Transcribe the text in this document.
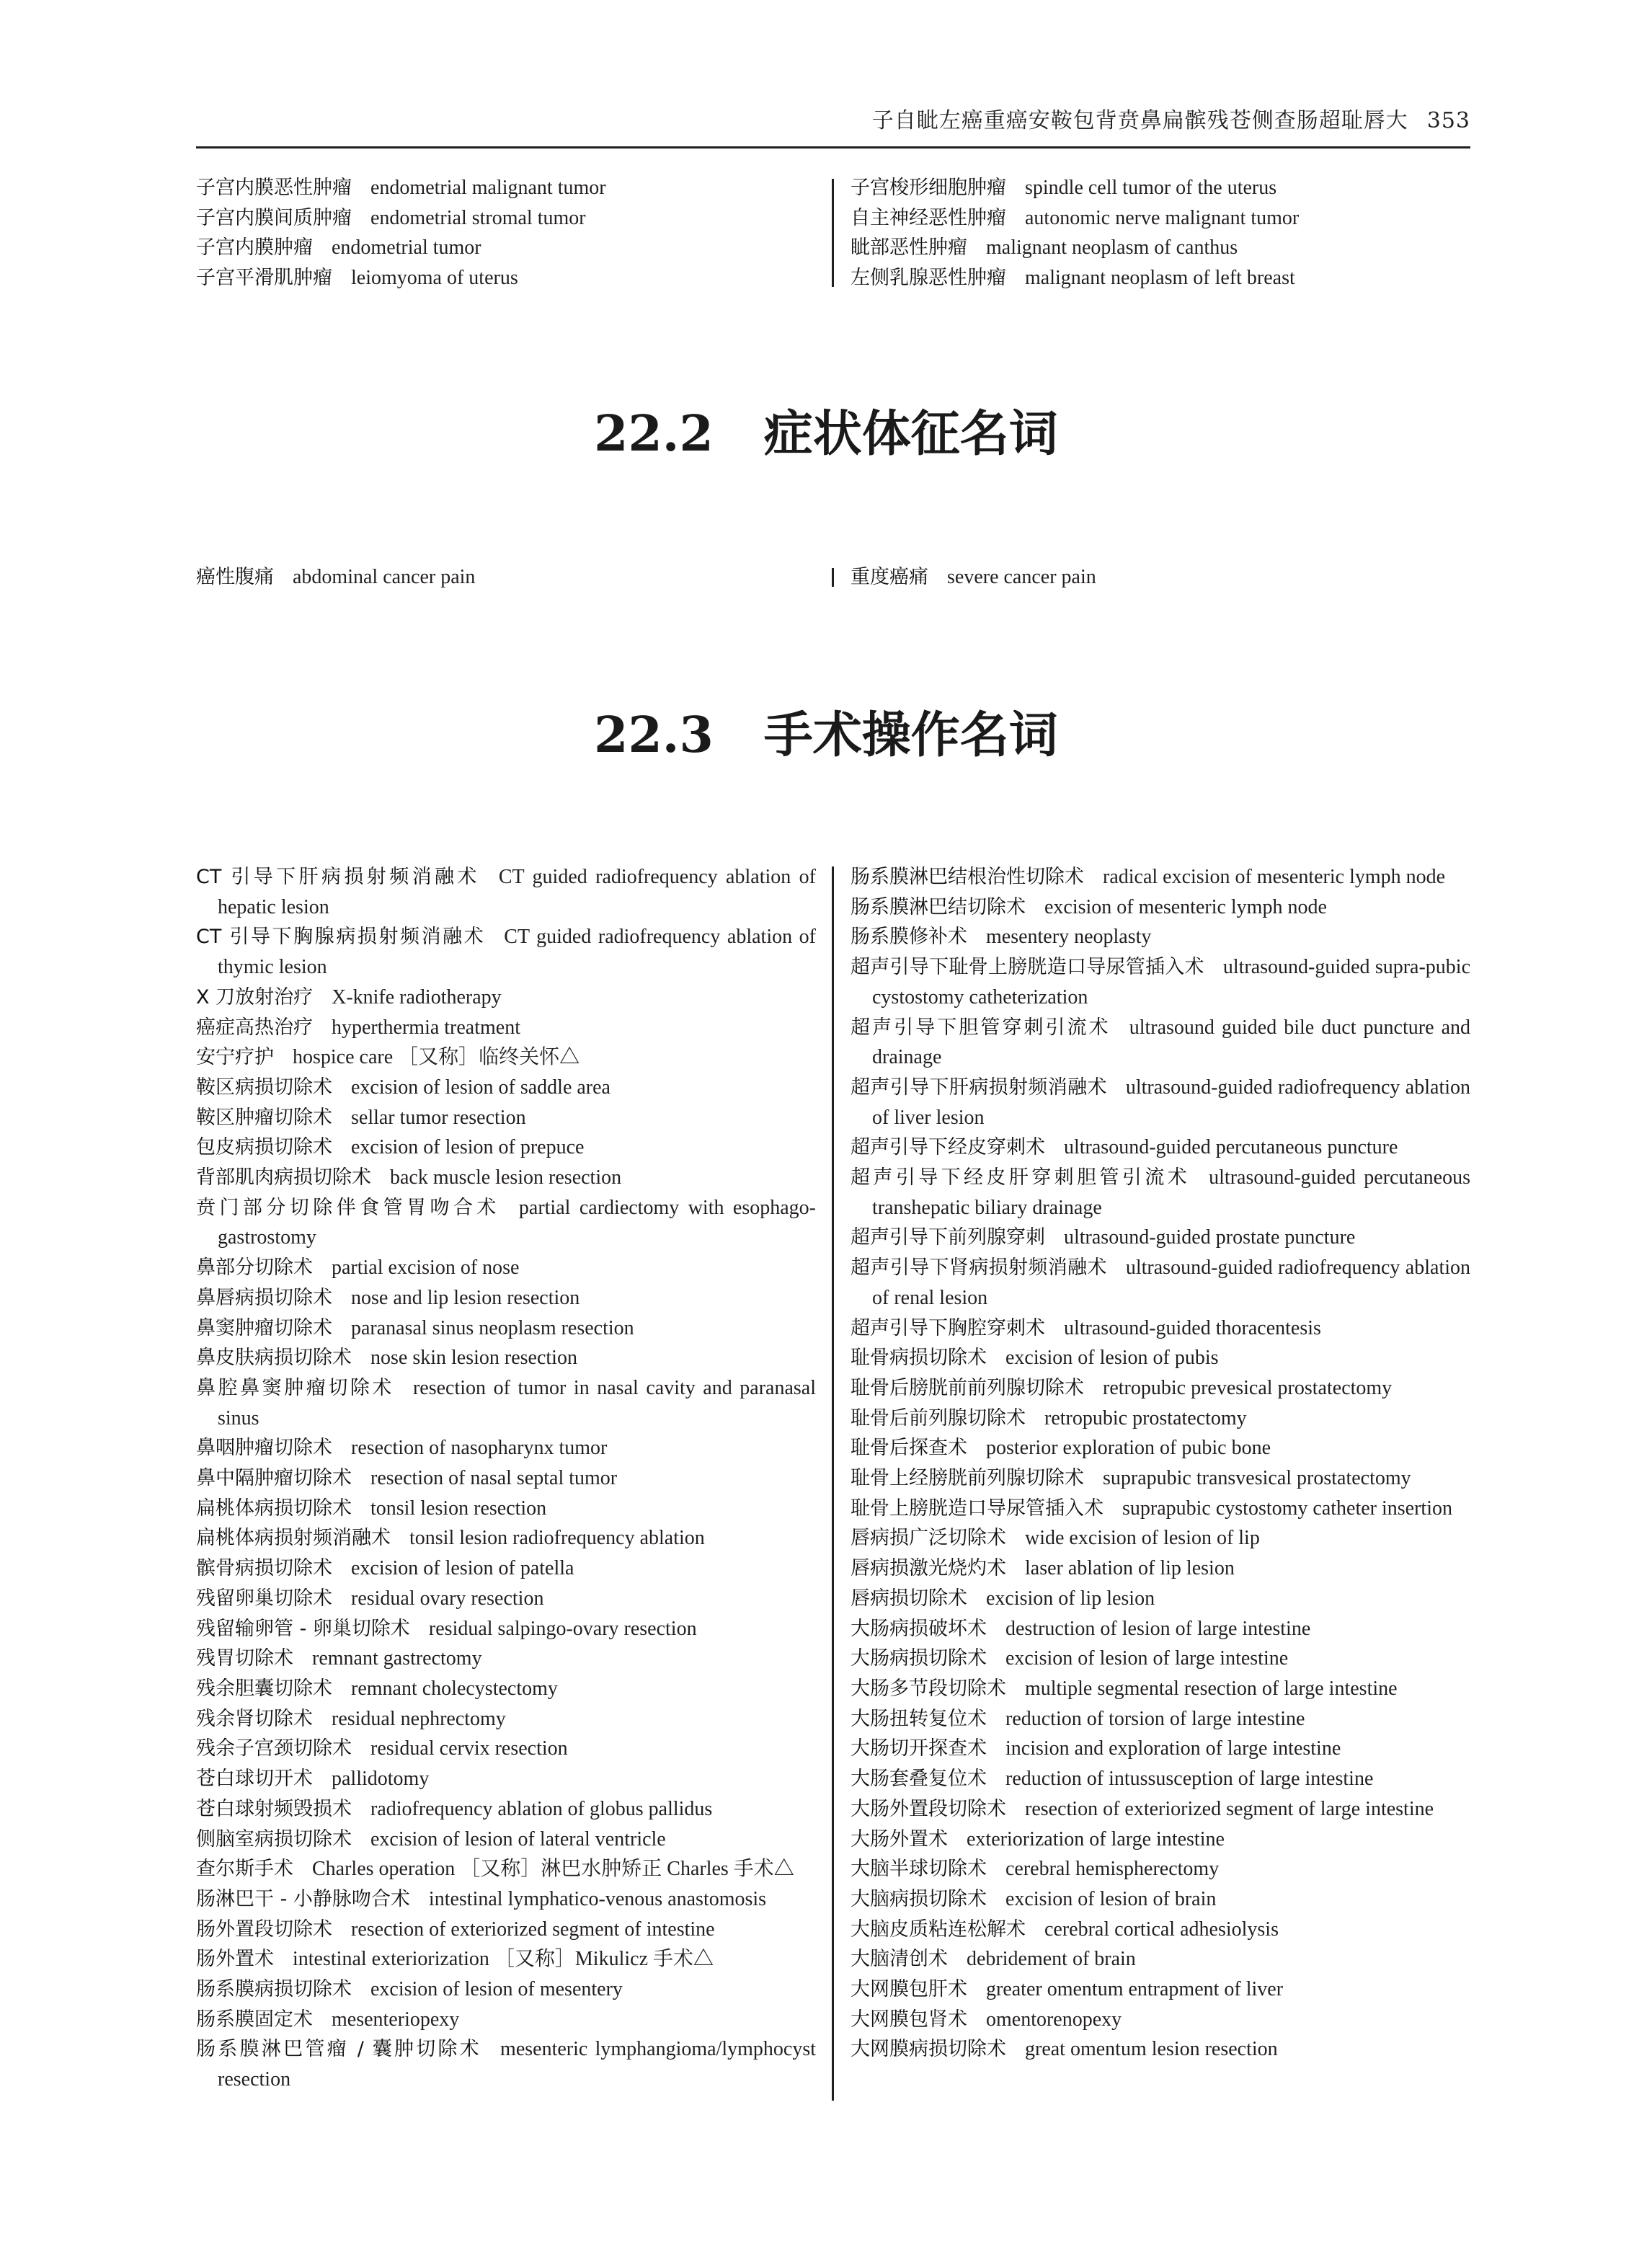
子自眦左癌重癌安鞍包背贲鼻扁髌残苍侧查肠超耻唇大 353
子宫内膜恶性肿瘤 endometrial malignant tumor
子宫内膜间质肿瘤 endometrial stromal tumor
子宫内膜肿瘤 endometrial tumor
子宫平滑肌肿瘤 leiomyoma of uterus
子宫梭形细胞肿瘤 spindle cell tumor of the uterus
自主神经恶性肿瘤 autonomic nerve malignant tumor
眦部恶性肿瘤 malignant neoplasm of canthus
左侧乳腺恶性肿瘤 malignant neoplasm of left breast
22.2 症状体征名词
癌性腹痛 abdominal cancer pain	重度癌痛 severe cancer pain
22.3 手术操作名词
CT 引导下肝病损射频消融术 CT guided radiofrequency ablation of hepatic lesion
CT 引导下胸腺病损射频消融术 CT guided radiofrequency ablation of thymic lesion
X 刀放射治疗 X-knife radiotherapy
癌症高热治疗 hyperthermia treatment
安宁疗护 hospice care ［又称］临终关怀△
鞍区病损切除术 excision of lesion of saddle area
鞍区肿瘤切除术 sellar tumor resection
包皮病损切除术 excision of lesion of prepuce
背部肌肉病损切除术 back muscle lesion resection
贲门部分切除伴食管胃吻合术 partial cardiectomy with esophago-gastrostomy
鼻部分切除术 partial excision of nose
鼻唇病损切除术 nose and lip lesion resection
鼻窦肿瘤切除术 paranasal sinus neoplasm resection
鼻皮肤病损切除术 nose skin lesion resection
鼻腔鼻窦肿瘤切除术 resection of tumor in nasal cavity and paranasal sinus
鼻咽肿瘤切除术 resection of nasopharynx tumor
鼻中隔肿瘤切除术 resection of nasal septal tumor
扁桃体病损切除术 tonsil lesion resection
扁桃体病损射频消融术 tonsil lesion radiofrequency ablation
髌骨病损切除术 excision of lesion of patella
残留卵巢切除术 residual ovary resection
残留输卵管 - 卵巢切除术 residual salpingo-ovary resection
残胃切除术 remnant gastrectomy
残余胆囊切除术 remnant cholecystectomy
残余肾切除术 residual nephrectomy
残余子宫颈切除术 residual cervix resection
苍白球切开术 pallidotomy
苍白球射频毁损术 radiofrequency ablation of globus pallidus
侧脑室病损切除术 excision of lesion of lateral ventricle
查尔斯手术 Charles operation ［又称］淋巴水肿矫正 Charles 手术△
肠淋巴干 - 小静脉吻合术 intestinal lymphatico-venous anastomosis
肠外置段切除术 resection of exteriorized segment of intestine
肠外置术 intestinal exteriorization ［又称］Mikulicz 手术△
肠系膜病损切除术 excision of lesion of mesentery
肠系膜固定术 mesenteriopexy
肠系膜淋巴管瘤 / 囊肿切除术 mesenteric lymphangioma/lymphocyst resection
肠系膜淋巴结根治性切除术 radical excision of mesenteric lymph node
肠系膜淋巴结切除术 excision of mesenteric lymph node
肠系膜修补术 mesentery neoplasty
超声引导下耻骨上膀胱造口导尿管插入术 ultrasound-guided supra-pubic cystostomy catheterization
超声引导下胆管穿刺引流术 ultrasound guided bile duct puncture and drainage
超声引导下肝病损射频消融术 ultrasound-guided radiofrequency ablation of liver lesion
超声引导下经皮穿刺术 ultrasound-guided percutaneous puncture
超声引导下经皮肝穿刺胆管引流术 ultrasound-guided percutaneous transhepatic biliary drainage
超声引导下前列腺穿刺 ultrasound-guided prostate puncture
超声引导下肾病损射频消融术 ultrasound-guided radiofrequency ablation of renal lesion
超声引导下胸腔穿刺术 ultrasound-guided thoracentesis
耻骨病损切除术 excision of lesion of pubis
耻骨后膀胱前前列腺切除术 retropubic prevesical prostatectomy
耻骨后前列腺切除术 retropubic prostatectomy
耻骨后探查术 posterior exploration of pubic bone
耻骨上经膀胱前列腺切除术 suprapubic transvesical prostatectomy
耻骨上膀胱造口导尿管插入术 suprapubic cystostomy catheter insertion
唇病损广泛切除术 wide excision of lesion of lip
唇病损激光烧灼术 laser ablation of lip lesion
唇病损切除术 excision of lip lesion
大肠病损破坏术 destruction of lesion of large intestine
大肠病损切除术 excision of lesion of large intestine
大肠多节段切除术 multiple segmental resection of large intestine
大肠扭转复位术 reduction of torsion of large intestine
大肠切开探查术 incision and exploration of large intestine
大肠套叠复位术 reduction of intussusception of large intestine
大肠外置段切除术 resection of exteriorized segment of large intestine
大肠外置术 exteriorization of large intestine
大脑半球切除术 cerebral hemispherectomy
大脑病损切除术 excision of lesion of brain
大脑皮质粘连松解术 cerebral cortical adhesiolysis
大脑清创术 debridement of brain
大网膜包肝术 greater omentum entrapment of liver
大网膜包肾术 omentorenopexy
大网膜病损切除术 great omentum lesion resection
